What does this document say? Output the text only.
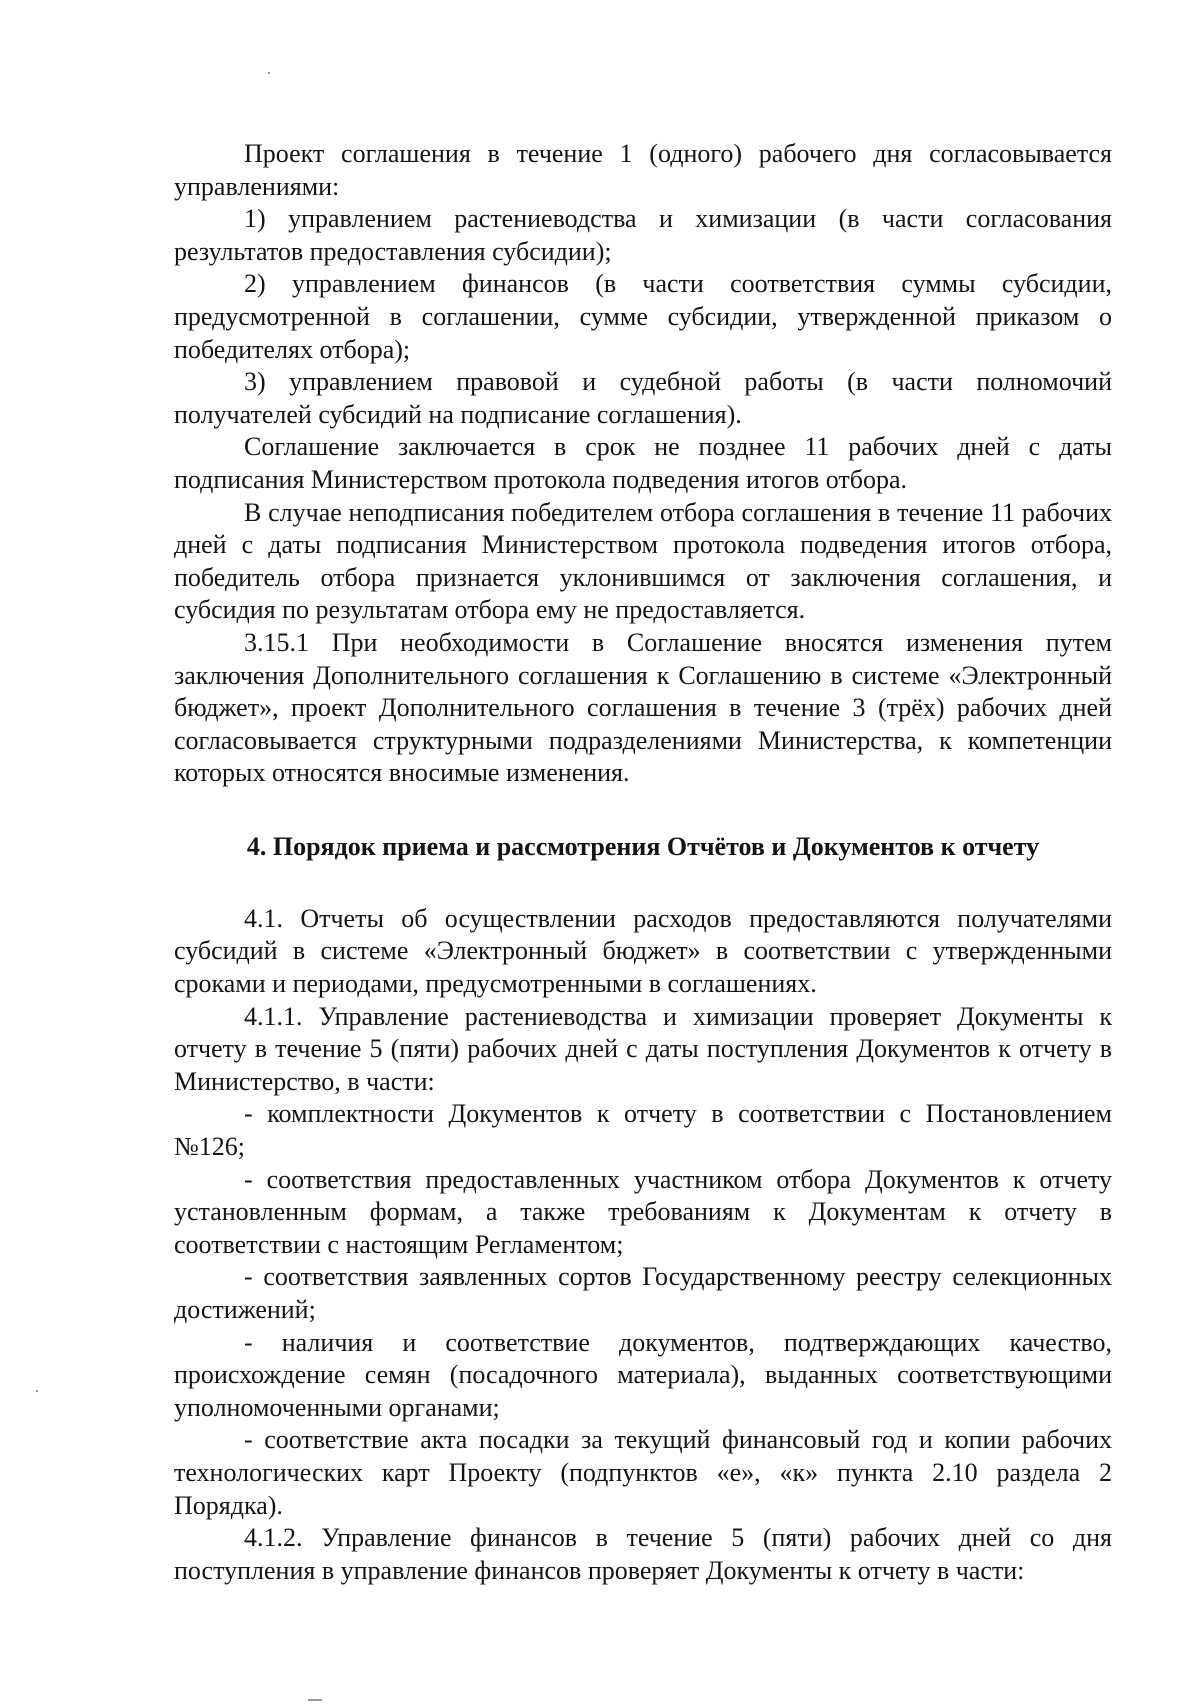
Проект соглашения в течение 1 (одного) рабочего дня согласовывается управлениями:

1) управлением растениеводства и химизации (в части согласования результатов предоставления субсидии);

2) управлением финансов (в части соответствия суммы субсидии, предусмотренной в соглашении, сумме субсидии, утвержденной приказом о победителях отбора);

3) управлением правовой и судебной работы (в части полномочий получателей субсидий на подписание соглашения).

Соглашение заключается в срок не позднее 11 рабочих дней с даты подписания Министерством протокола подведения итогов отбора.

В случае неподписания победителем отбора соглашения в течение 11 рабочих дней с даты подписания Министерством протокола подведения итогов отбора, победитель отбора признается уклонившимся от заключения соглашения, и субсидия по результатам отбора ему не предоставляется.

3.15.1 При необходимости в Соглашение вносятся изменения путем заключения Дополнительного соглашения к Соглашению в системе «Электронный бюджет», проект Дополнительного соглашения в течение 3 (трёх) рабочих дней согласовывается структурными подразделениями Министерства, к компетенции которых относятся вносимые изменения.

4. Порядок приема и рассмотрения Отчётов и Документов к отчету

4.1. Отчеты об осуществлении расходов предоставляются получателями субсидий в системе «Электронный бюджет» в соответствии с утвержденными сроками и периодами, предусмотренными в соглашениях.

4.1.1. Управление растениеводства и химизации проверяет Документы к отчету в течение 5 (пяти) рабочих дней с даты поступления Документов к отчету в Министерство, в части:

- комплектности Документов к отчету в соответствии с Постановлением №126;

- соответствия предоставленных участником отбора Документов к отчету установленным формам, а также требованиям к Документам к отчету в соответствии с настоящим Регламентом;

- соответствия заявленных сортов Государственному реестру селекционных достижений;

- наличия и соответствие документов, подтверждающих качество, происхождение семян (посадочного материала), выданных соответствующими уполномоченными органами;

- соответствие акта посадки за текущий финансовый год и копии рабочих технологических карт Проекту (подпунктов «е», «к» пункта 2.10 раздела 2 Порядка).

4.1.2. Управление финансов в течение 5 (пяти) рабочих дней со дня поступления в управление финансов проверяет Документы к отчету в части:
